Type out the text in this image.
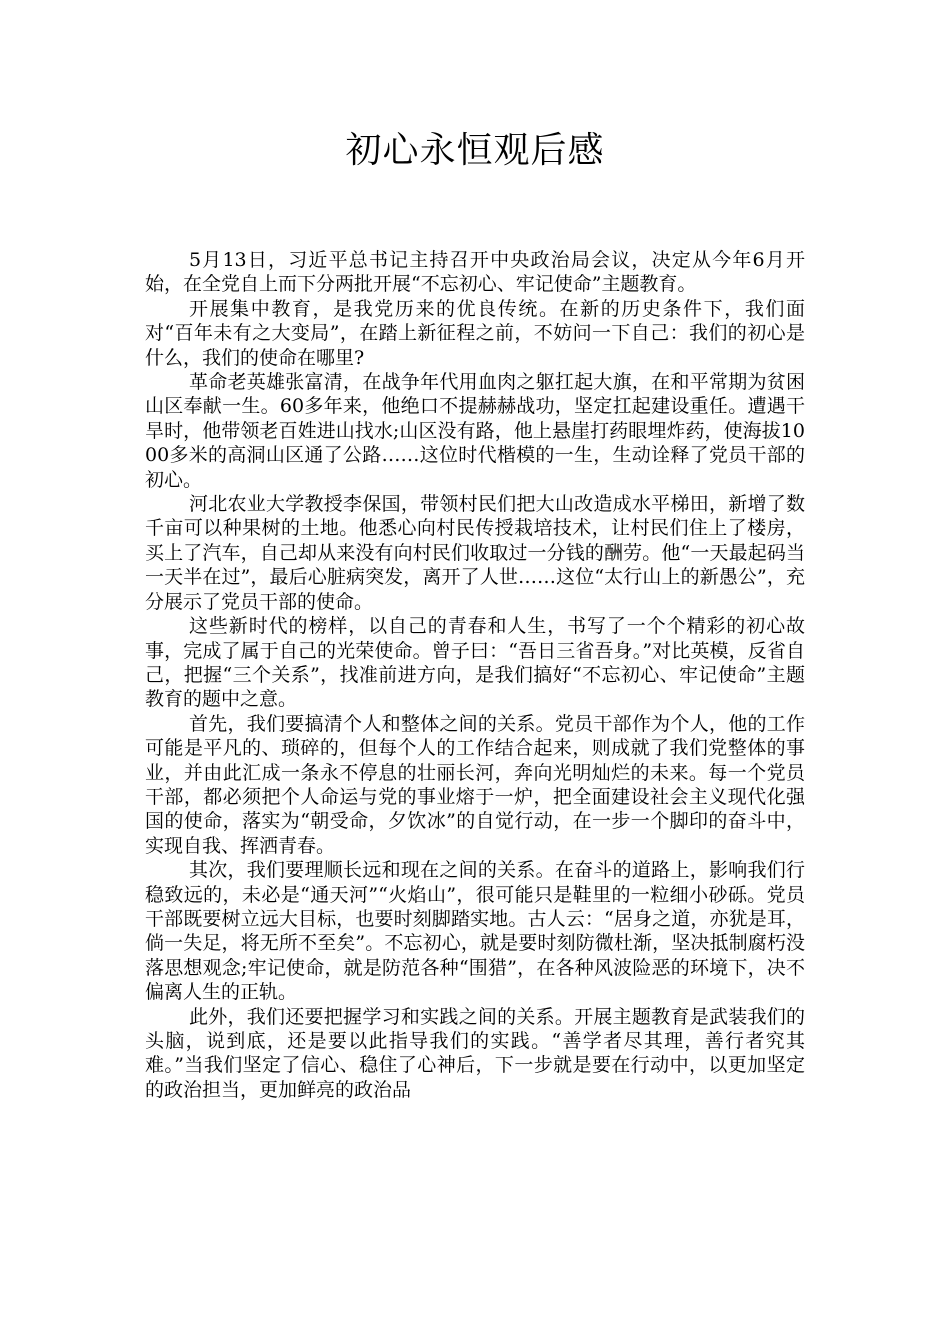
初心永恒观后感

5月13日，习近平总书记主持召开中央政治局会议，决定从今年6月开始，在全党自上而下分两批开展“不忘初心、牢记使命”主题教育。

开展集中教育，是我党历来的优良传统。在新的历史条件下，我们面对“百年未有之大变局”，在踏上新征程之前，不妨问一下自己：我们的初心是什么，我们的使命在哪里?

革命老英雄张富清，在战争年代用血肉之躯扛起大旗，在和平常期为贫困山区奉献一生。60多年来，他绝口不提赫赫战功，坚定扛起建设重任。遭遇干旱时，他带领老百姓进山找水;山区没有路，他上悬崖打药眼埋炸药，使海拔1000多米的高洞山区通了公路……这位时代楷模的一生，生动诠释了党员干部的初心。

河北农业大学教授李保国，带领村民们把大山改造成水平梯田，新增了数千亩可以种果树的土地。他悉心向村民传授栽培技术，让村民们住上了楼房，买上了汽车，自己却从来没有向村民们收取过一分钱的酬劳。他“一天最起码当一天半在过”，最后心脏病突发，离开了人世……这位“太行山上的新愚公”，充分展示了党员干部的使命。

这些新时代的榜样，以自己的青春和人生，书写了一个个精彩的初心故事，完成了属于自己的光荣使命。曾子曰：“吾日三省吾身。”对比英模，反省自己，把握“三个关系”，找准前进方向，是我们搞好“不忘初心、牢记使命”主题教育的题中之意。

首先，我们要搞清个人和整体之间的关系。党员干部作为个人，他的工作可能是平凡的、琐碎的，但每个人的工作结合起来，则成就了我们党整体的事业，并由此汇成一条永不停息的壮丽长河，奔向光明灿烂的未来。每一个党员干部，都必须把个人命运与党的事业熔于一炉，把全面建设社会主义现代化强国的使命，落实为“朝受命，夕饮冰”的自觉行动，在一步一个脚印的奋斗中，实现自我、挥洒青春。

其次，我们要理顺长远和现在之间的关系。在奋斗的道路上，影响我们行稳致远的，未必是“通天河”“火焰山”，很可能只是鞋里的一粒细小砂砾。党员干部既要树立远大目标，也要时刻脚踏实地。古人云：“居身之道，亦犹是耳，倘一失足，将无所不至矣”。不忘初心，就是要时刻防微杜渐，坚决抵制腐朽没落思想观念;牢记使命，就是防范各种“围猎”，在各种风波险恶的环境下，决不偏离人生的正轨。

此外，我们还要把握学习和实践之间的关系。开展主题教育是武装我们的头脑，说到底，还是要以此指导我们的实践。“善学者尽其理，善行者究其难。”当我们坚定了信心、稳住了心神后，下一步就是要在行动中，以更加坚定的政治担当，更加鲜亮的政治品
